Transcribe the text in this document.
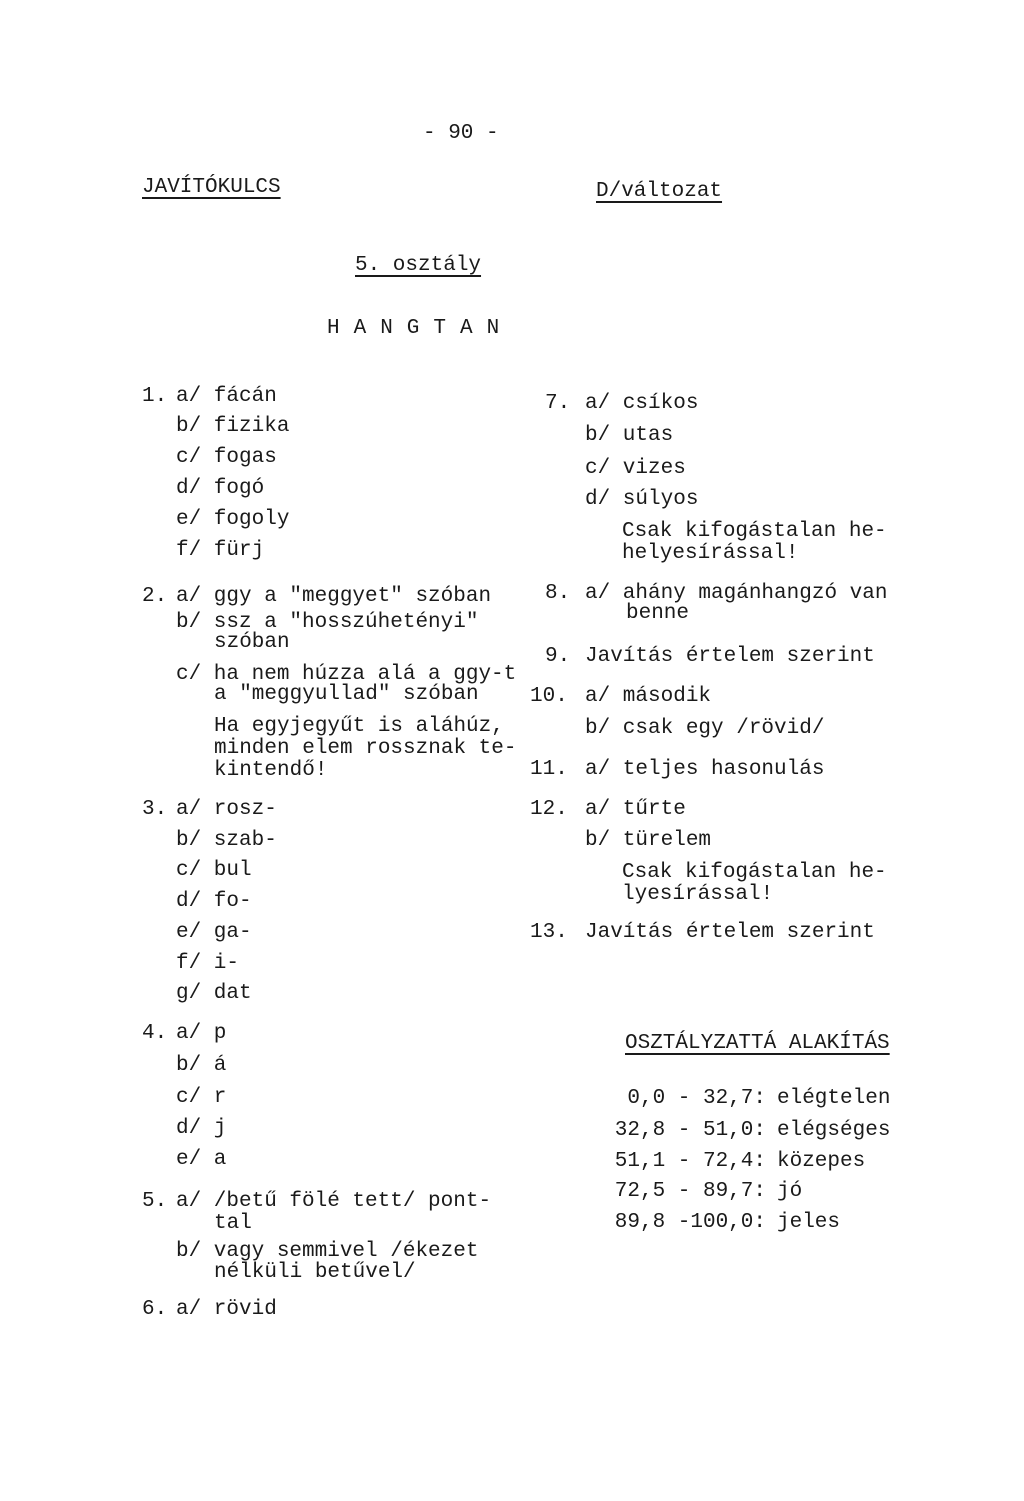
- 90 -
JAVÍTÓKULCS	D/változat
5. osztály
HANGTAN
1. a/ fácán
b/ fizika
c/ fogas
d/ fogó
e/ fogoly
f/ fürj
2. a/ ggy a "meggyet" szóban
b/ ssz a "hosszúhetényi"
szóban
c/ ha nem húzza alá a ggy-t
a "meggyullad" szóban
Ha egyjegyűt is aláhúz,
minden elem rossznak te-
kintendő!
3. a/ rosz-
b/ szab-
c/ bul
d/ fo-
e/ ga-
f/ i-
g/ dat
4. a/ p
b/ á
c/ r
d/ j
e/ a
5. a/ /betű fölé tett/ pont-
tal
b/ vagy semmivel /ékezet
nélküli betűvel/
6. a/ rövid
7. a/ csíkos
b/ utas
c/ vizes
d/ súlyos
Csak kifogástalan he-
helyesírással!
8. a/ ahány magánhangzó van
benne
9. Javítás értelem szerint
10. a/ második
b/ csak egy /rövid/
11. a/ teljes hasonulás
12. a/ tűrte
b/ türelem
Csak kifogástalan he-
lyesírással!
13. Javítás értelem szerint
OSZTÁLYZATTÁ ALAKÍTÁS
0,0 - 32,7: elégtelen
32,8 - 51,0: elégséges
51,1 - 72,4: közepes
72,5 - 89,7: jó
89,8 -100,0: jeles
